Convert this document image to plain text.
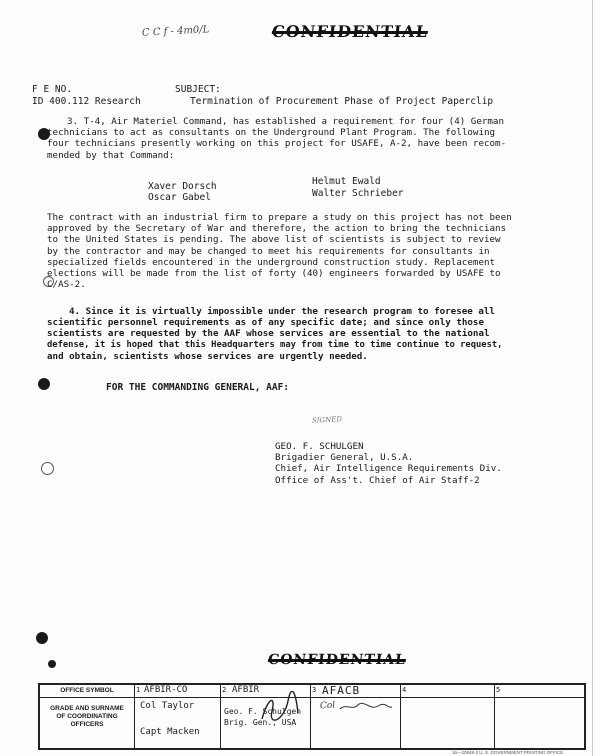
C C f - 4m0/L	CONFIDENTIAL
F E NO.
ID 400.112 Research
SUBJECT:
Termination of Procurement Phase of Project Paperclip
3. T-4, Air Materiel Command, has established a requirement for four (4) German
technicians to act as consultants on the Underground Plant Program. The following
four technicians presently working on this project for USAFE, A-2, have been recom-
mended by that Command:
Xaver Dorsch
Oscar Gabel
Helmut Ewald
Walter Schrieber
The contract with an industrial firm to prepare a study on this project has not been
approved by the Secretary of War and therefore, the action to bring the technicians
to the United States is pending. The above list of scientists is subject to review
by the contractor and may be changed to meet his requirements for consultants in
specialized fields encountered in the underground construction study. Replacement
elections will be made from the list of forty (40) engineers forwarded by USAFE to
C/AS-2.
4. Since it is virtually impossible under the research program to foresee all
scientific personnel requirements as of any specific date; and since only those
scientists are requested by the AAF whose services are essential to the national
defense, it is hoped that this Headquarters may from time to time continue to request,
and obtain, scientists whose services are urgently needed.
FOR THE COMMANDING GENERAL, AAF:
SIGNED
GEO. F. SCHULGEN
Brigadier General, U.S.A.
Chief, Air Intelligence Requirements Div.
Office of Ass't. Chief of Air Staff-2
CONFIDENTIAL
OFFICE SYMBOL
GRADE AND SURNAME OF COORDINATING OFFICERS
1 AFBIR-CO
Col Taylor
Capt Macken
2 AFBIR
Geo. F. Schulgen
Brig. Gen., USA
3 AFACB
Col
4	5
16—20848-2 U. S. GOVERNMENT PRINTING OFFICE
